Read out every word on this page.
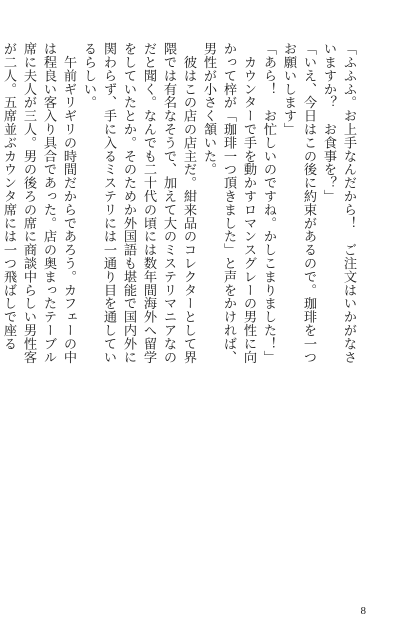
「ふふふ。お上手なんだから！　ご注文はいかがなさ
いますか？　お食事を？」
「いえ、今日はこの後に約束があるので。珈琲を一つ
お願いします」
「あら！　お忙しいのですね。かしこまりました！」
　カウンターで手を動かすロマンスグレーの男性に向
かって梓が「珈琲一つ頂きました」と声をかければ、
男性が小さく頷いた。
　彼はこの店の店主だ。紺来品のコレクターとして界
隈では有名なそうで、加えて大のミステリマニアなの
だと聞く。なんでも二十代の頃には数年間海外へ留学
をしていたとか。そのためか外国語も堪能で国内外に
関わらず、手に入るミステリには一通り目を通してい
るらしい。
　午前ギリギリの時間だからであろう。カフェーの中
は程良い客入り具合であった。店の奥まったテーブル
席に夫人が三人。男の後ろの席に商談中らしい男性客
が二人。五席並ぶカウンタ席には一つ飛ばしで座る

8
